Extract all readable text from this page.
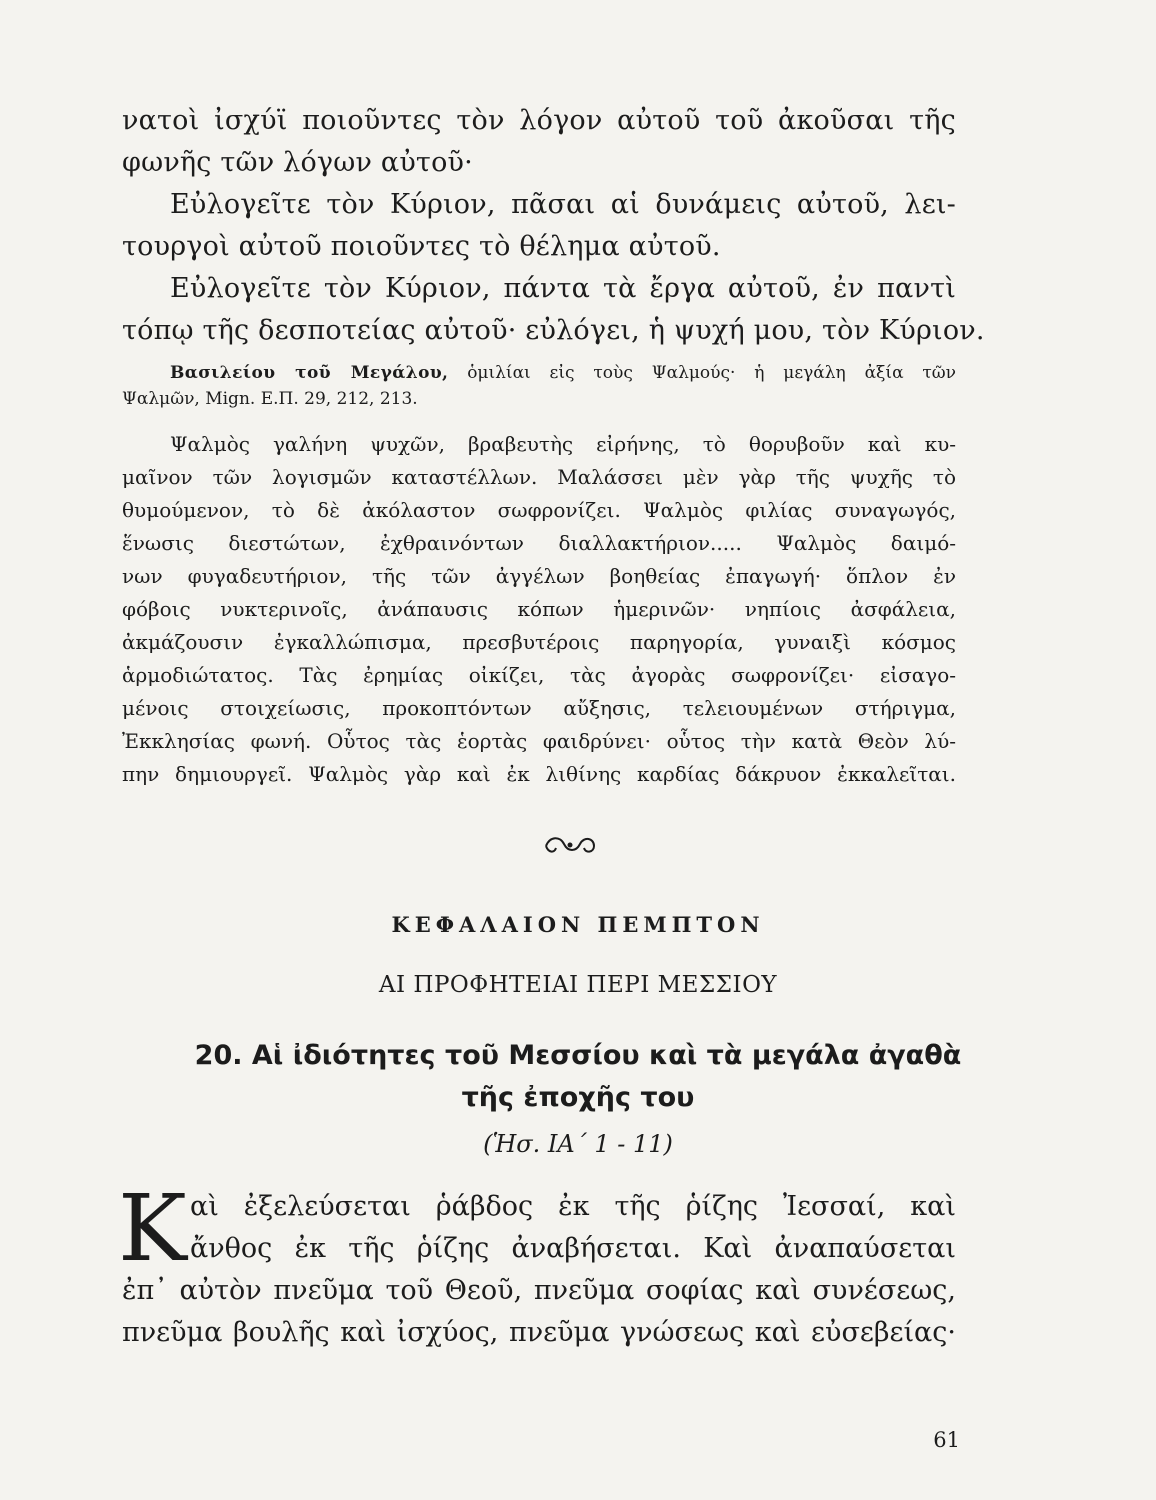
νατοὶ ἰσχύϊ ποιοῦντες τὸν λόγον αὐτοῦ τοῦ ἀκοῦσαι τῆς
φωνῆς τῶν λόγων αὐτοῦ·
Εὐλογεῖτε τὸν Κύριον, πᾶσαι αἱ δυνάμεις αὐτοῦ, λει-
τουργοὶ αὐτοῦ ποιοῦντες τὸ θέλημα αὐτοῦ.
Εὐλογεῖτε τὸν Κύριον, πάντα τὰ ἔργα αὐτοῦ, ἐν παντὶ
τόπῳ τῆς δεσποτείας αὐτοῦ· εὐλόγει, ἡ ψυχή μου, τὸν Κύριον.
Βασιλείου τοῦ Μεγάλου, ὁμιλίαι εἰς τοὺς Ψαλμούς· ἡ μεγάλη ἀξία τῶν
Ψαλμῶν, Mign. Ε.Π. 29, 212, 213.
Ψαλμὸς γαλήνη ψυχῶν, βραβευτὴς εἰρήνης, τὸ θορυβοῦν καὶ κυ-
μαῖνον τῶν λογισμῶν καταστέλλων. Μαλάσσει μὲν γὰρ τῆς ψυχῆς τὸ
θυμούμενον, τὸ δὲ ἀκόλαστον σωφρονίζει. Ψαλμὸς φιλίας συναγωγός,
ἕνωσις διεστώτων, ἐχθραινόντων διαλλακτήριον..... Ψαλμὸς δαιμό-
νων φυγαδευτήριον, τῆς τῶν ἀγγέλων βοηθείας ἐπαγωγή· ὅπλον ἐν
φόβοις νυκτερινοῖς, ἀνάπαυσις κόπων ἡμερινῶν· νηπίοις ἀσφάλεια,
ἀκμάζουσιν ἐγκαλλώπισμα, πρεσβυτέροις παρηγορία, γυναιξὶ κόσμος
ἁρμοδιώτατος. Τὰς ἐρημίας οἰκίζει, τὰς ἀγορὰς σωφρονίζει· εἰσαγο-
μένοις στοιχείωσις, προκοπτόντων αὔξησις, τελειουμένων στήριγμα,
Ἐκκλησίας φωνή. Οὗτος τὰς ἑορτὰς φαιδρύνει· οὗτος τὴν κατὰ Θεὸν λύ-
πην δημιουργεῖ. Ψαλμὸς γὰρ καὶ ἐκ λιθίνης καρδίας δάκρυον ἐκκαλεῖται.
ΚΕΦΑΛΑΙΟΝ ΠΕΜΠΤΟΝ
ΑΙ ΠΡΟΦΗΤΕΙΑΙ ΠΕΡΙ ΜΕΣΣΙΟΥ
20. Αἱ ἰδιότητες τοῦ Μεσσίου καὶ τὰ μεγάλα ἀγαθὰ
τῆς ἐποχῆς του
(Ἡσ. ΙΑ΄ 1 - 11)
Κ αὶ ἐξελεύσεται ῥάβδος ἐκ τῆς ῥίζης Ἰεσσαί, καὶ
ἄνθος ἐκ τῆς ῥίζης ἀναβήσεται. Καὶ ἀναπαύσεται
ἐπ᾽ αὐτὸν πνεῦμα τοῦ Θεοῦ, πνεῦμα σοφίας καὶ συνέσεως,
πνεῦμα βουλῆς καὶ ἰσχύος, πνεῦμα γνώσεως καὶ εὐσεβείας·
61
